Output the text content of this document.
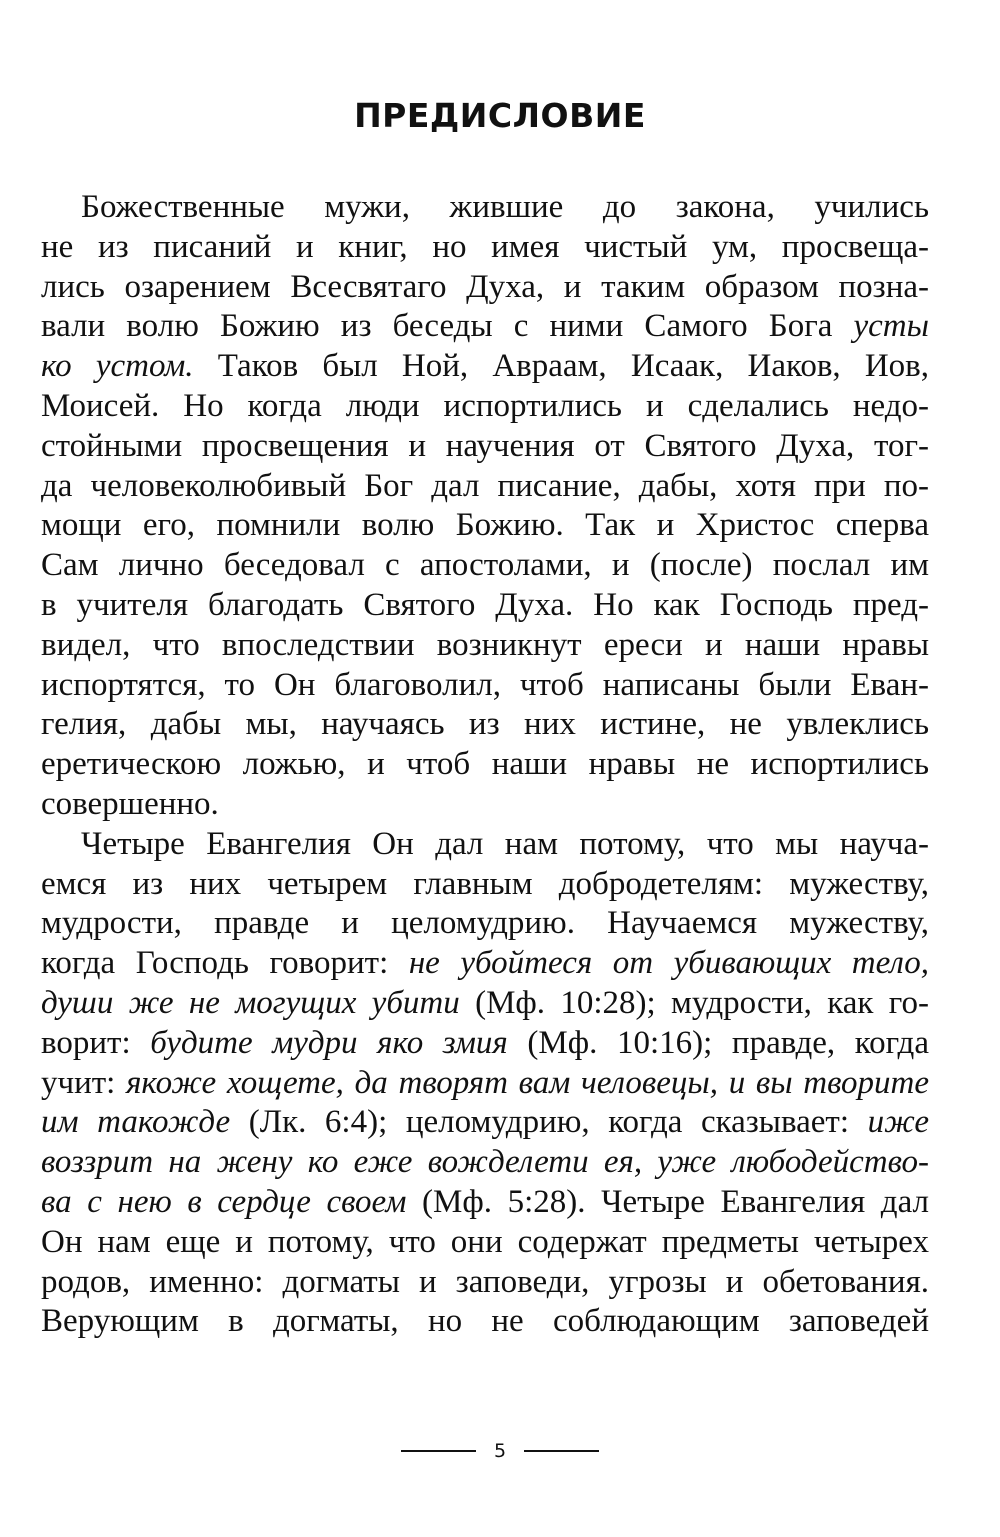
ПРЕДИСЛОВИЕ
Божественные мужи, жившие до закона, учились
не из писаний и книг, но имея чистый ум, просвеща-
лись озарением Всесвятаго Духа, и таким образом позна-
вали волю Божию из беседы с ними Самого Бога усты
ко устом. Таков был Ной, Авраам, Исаак, Иаков, Иов,
Моисей. Но когда люди испортились и сделались недо-
стойными просвещения и научения от Святого Духа, тог-
да человеколюбивый Бог дал писание, дабы, хотя при по-
мощи его, помнили волю Божию. Так и Христос сперва
Сам лично беседовал с апостолами, и (после) послал им
в учителя благодать Святого Духа. Но как Господь пред-
видел, что впоследствии возникнут ереси и наши нравы
испортятся, то Он благоволил, чтоб написаны были Еван-
гелия, дабы мы, научаясь из них истине, не увлеклись
еретическою ложью, и чтоб наши нравы не испортились
совершенно.
Четыре Евангелия Он дал нам потому, что мы научa-
емся из них четырем главным добродетелям: мужеству,
мудрости, правде и целомудрию. Научаемся мужеству,
когда Господь говорит: не убойтеся от убивающих тело,
души же не могущих убити (Мф. 10:28); мудрости, как го-
ворит: будите мудри яко змия (Мф. 10:16); правде, когда
учит: якоже хощете, да творят вам человецы, и вы творите
им такожде (Лк. 6:4); целомудрию, когда сказывает: иже
воззрит на жену ко еже вожделети ея, уже любодейство-
ва с нею в сердце своем (Мф. 5:28). Четыре Евангелия дал
Он нам еще и потому, что они содержат предметы четырех
родов, именно: догматы и заповеди, угрозы и обетования.
Верующим в догматы, но не соблюдающим заповедей
5
